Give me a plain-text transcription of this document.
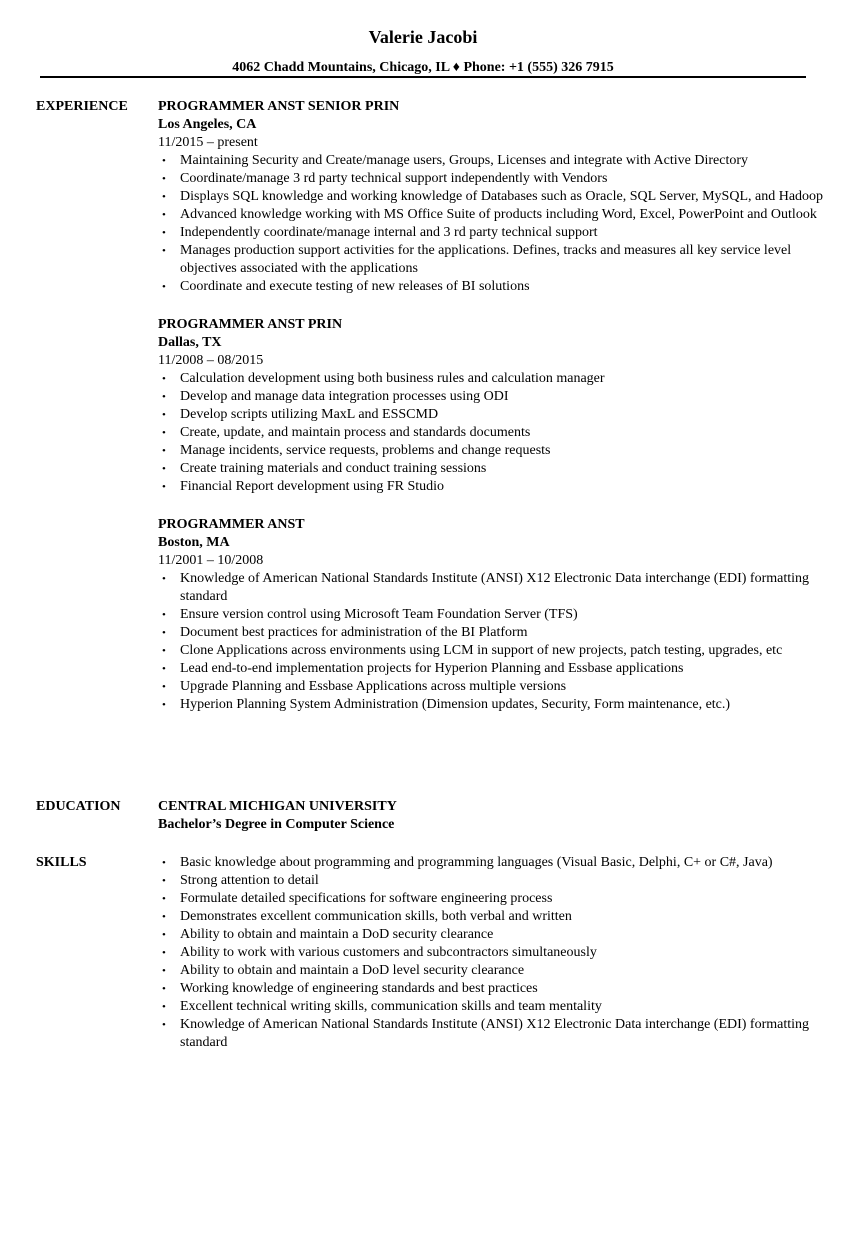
Valerie Jacobi
4062 Chadd Mountains, Chicago, IL ♦ Phone: +1 (555) 326 7915
EXPERIENCE PROGRAMMER ANST SENIOR PRIN
Los Angeles, CA
11/2015 – present
• Maintaining Security and Create/manage users, Groups, Licenses and integrate with Active Directory
• Coordinate/manage 3 rd party technical support independently with Vendors
• Displays SQL knowledge and working knowledge of Databases such as Oracle, SQL Server, MySQL, and Hadoop
• Advanced knowledge working with MS Office Suite of products including Word, Excel, PowerPoint and Outlook
• Independently coordinate/manage internal and 3 rd party technical support
• Manages production support activities for the applications. Defines, tracks and measures all key service level objectives associated with the applications
• Coordinate and execute testing of new releases of BI solutions
PROGRAMMER ANST PRIN
Dallas, TX
11/2008 – 08/2015
• Calculation development using both business rules and calculation manager
• Develop and manage data integration processes using ODI
• Develop scripts utilizing MaxL and ESSCMD
• Create, update, and maintain process and standards documents
• Manage incidents, service requests, problems and change requests
• Create training materials and conduct training sessions
• Financial Report development using FR Studio
PROGRAMMER ANST
Boston, MA
11/2001 – 10/2008
• Knowledge of American National Standards Institute (ANSI) X12 Electronic Data interchange (EDI) formatting standard
• Ensure version control using Microsoft Team Foundation Server (TFS)
• Document best practices for administration of the BI Platform
• Clone Applications across environments using LCM in support of new projects, patch testing, upgrades, etc
• Lead end-to-end implementation projects for Hyperion Planning and Essbase applications
• Upgrade Planning and Essbase Applications across multiple versions
• Hyperion Planning System Administration (Dimension updates, Security, Form maintenance, etc.)
EDUCATION	CENTRAL MICHIGAN UNIVERSITY
Bachelor’s Degree in Computer Science
SKILLS	• Basic knowledge about programming and programming languages (Visual Basic, Delphi, C+ or C#, Java)
• Strong attention to detail
• Formulate detailed specifications for software engineering process
• Demonstrates excellent communication skills, both verbal and written
• Ability to obtain and maintain a DoD security clearance
• Ability to work with various customers and subcontractors simultaneously
• Ability to obtain and maintain a DoD level security clearance
• Working knowledge of engineering standards and best practices
• Excellent technical writing skills, communication skills and team mentality
• Knowledge of American National Standards Institute (ANSI) X12 Electronic Data interchange (EDI) formatting standard
